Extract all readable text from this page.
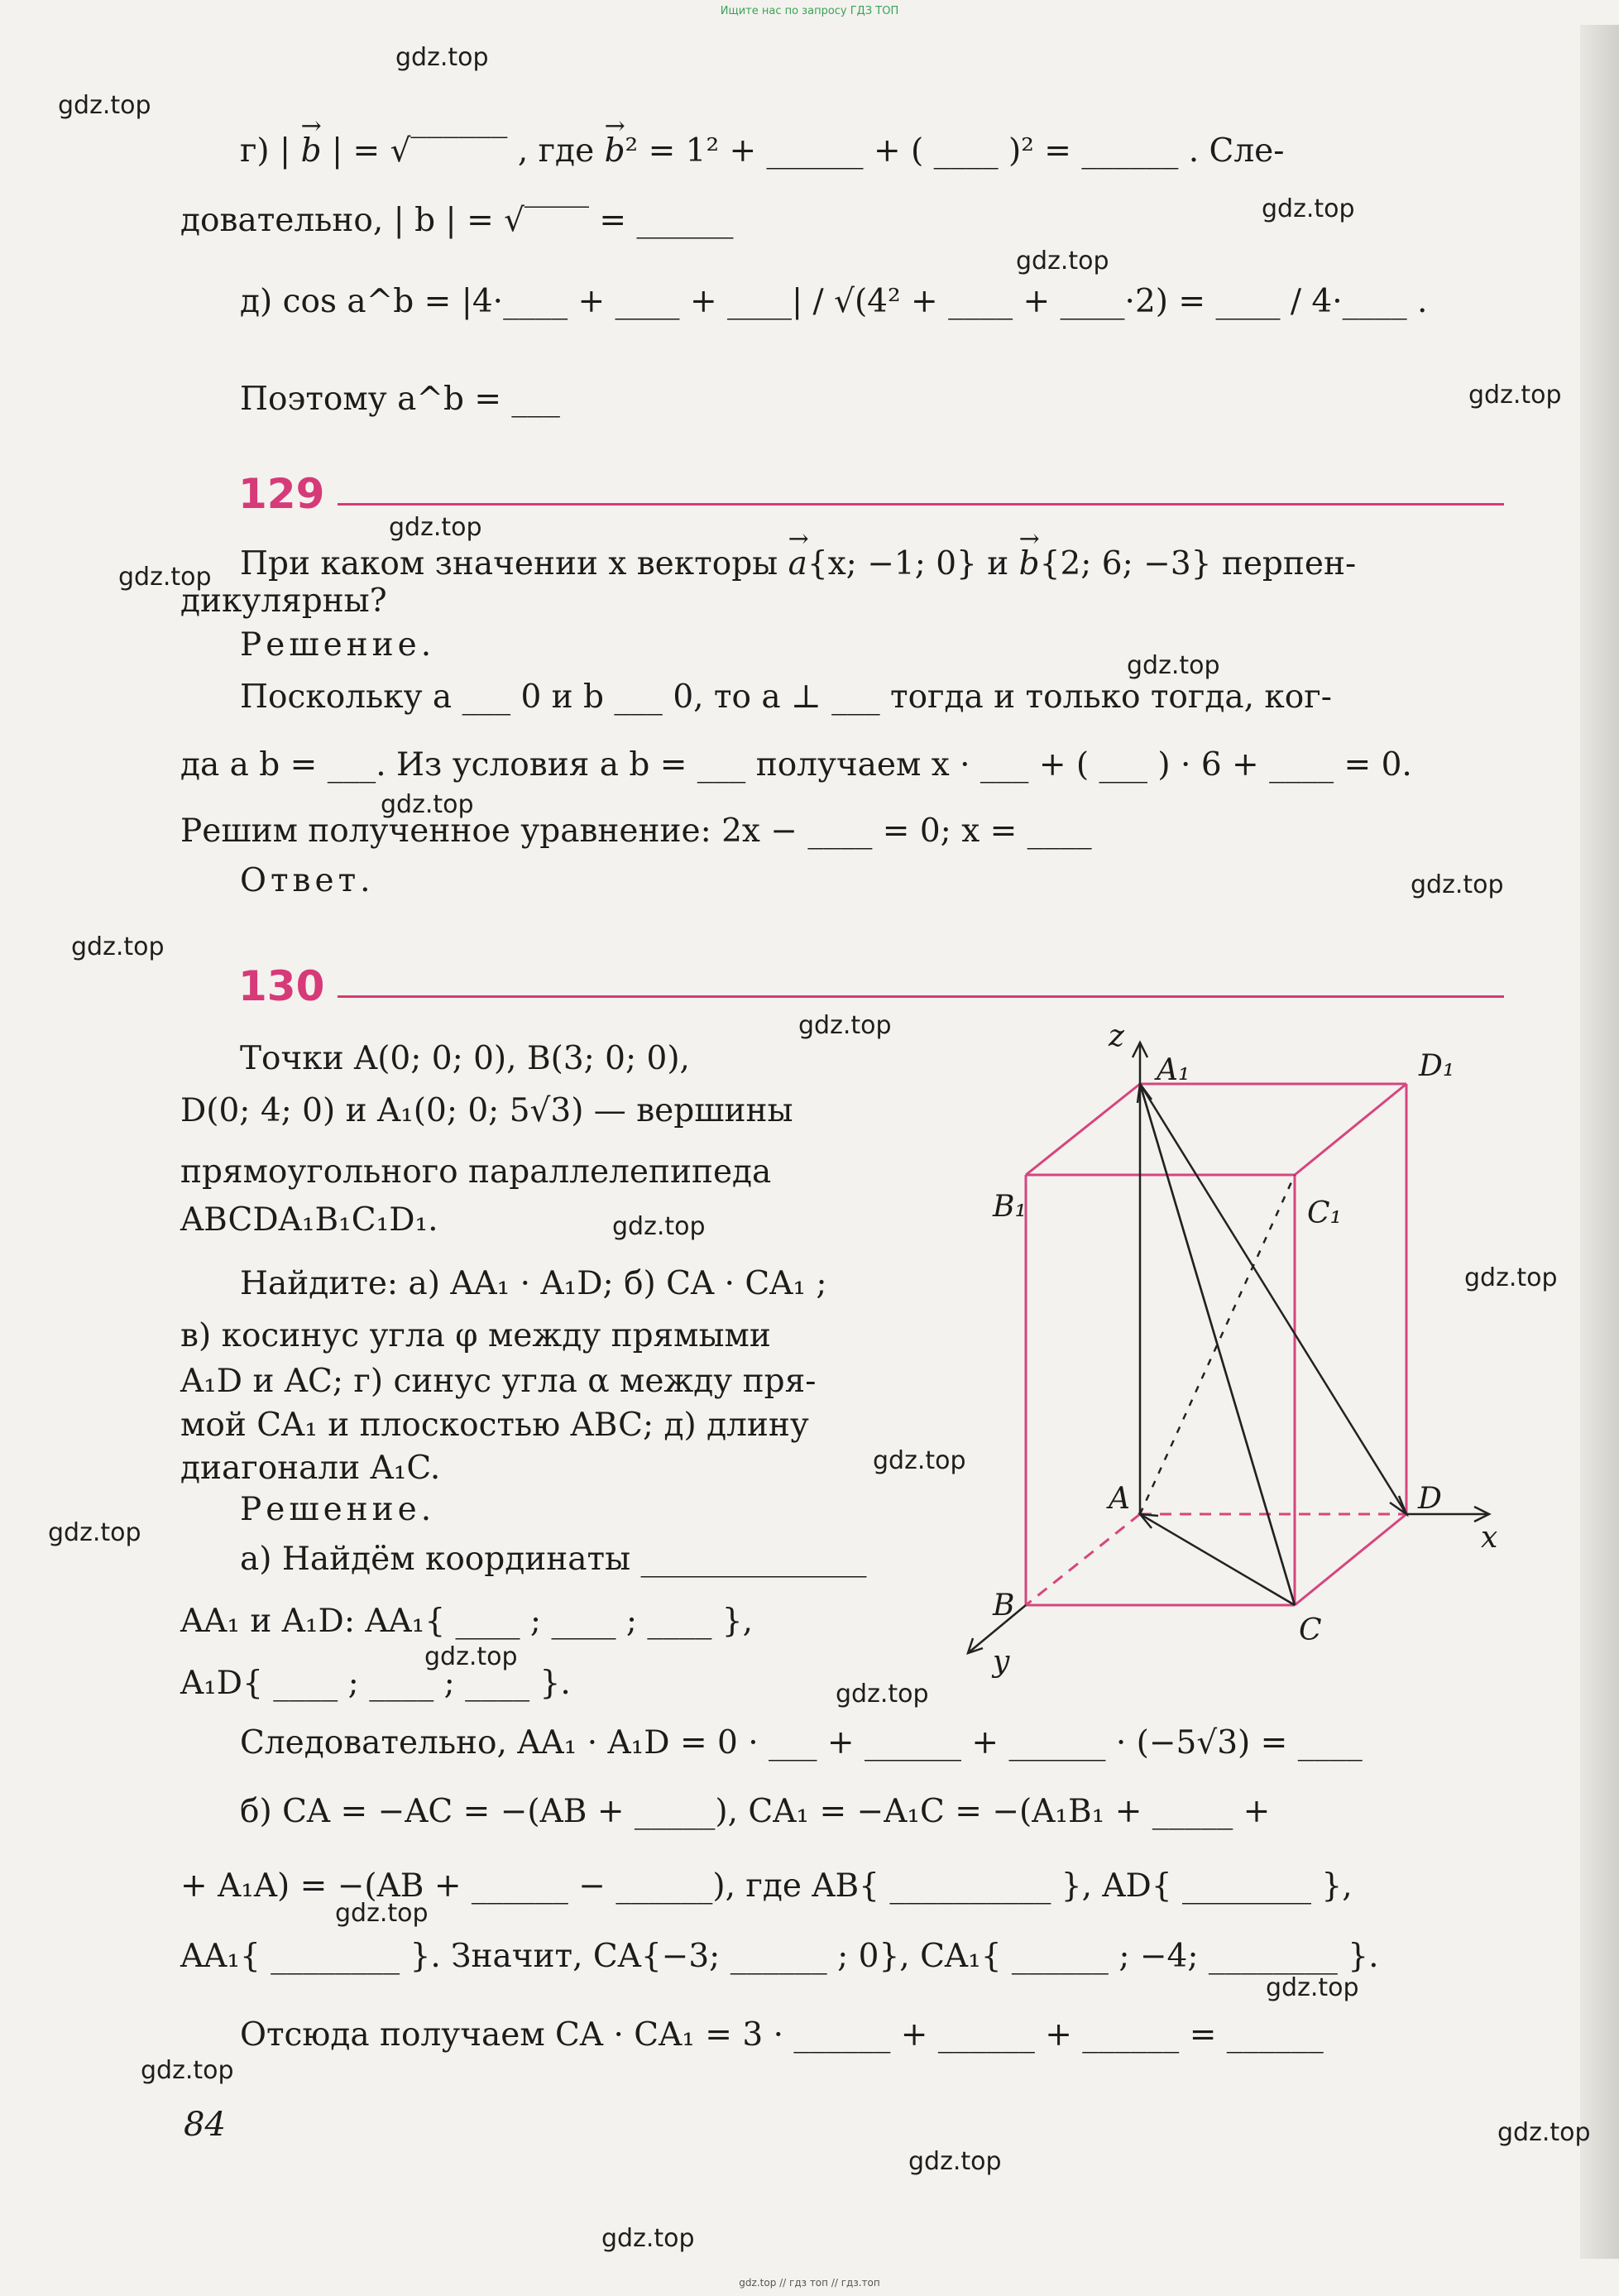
Ищите нас по запросу ГДЗ ТОП
gdz.top
gdz.top
gdz.top
gdz.top
gdz.top
gdz.top
gdz.top
gdz.top
gdz.top
gdz.top
gdz.top
gdz.top
gdz.top
gdz.top
gdz.top
gdz.top
gdz.top
gdz.top
gdz.top
gdz.top
gdz.top
gdz.top
gdz.top
gdz.top
г) | → b | = √‾‾‾‾‾‾ , где → b² = 1² + ______ + ( ____ )² = ______ . Сле-
довательно, | b | = √‾‾‾‾ = ______
д) cos a^b = |4·____ + ____ + ____| / √(4² + ____ + ____·2) = ____ / 4·____ .
Поэтому a^b = ___
129
При каком значении x векторы → a{x; −1; 0} и → b{2; 6; −3} перпен-
дикулярны?
Решение.
Поскольку a ___ 0 и b ___ 0, то a ⊥ ___ тогда и только тогда, ког-
да a b = ___. Из условия a b = ___ получаем x · ___ + ( ___ ) · 6 + ____ = 0.
Решим полученное уравнение: 2x − ____ = 0; x = ____
Ответ.
130
Точки A(0; 0; 0), B(3; 0; 0),
D(0; 4; 0) и A₁(0; 0; 5√3) — вершины
прямоугольного параллелепипеда
ABCDA₁B₁C₁D₁.
Найдите: а) AA₁ · A₁D; б) CA · CA₁ ;
в) косинус угла φ между прямыми
A₁D и AC; г) синус угла α между пря-
мой CA₁ и плоскостью ABC; д) длину
диагонали A₁C.
Решение.
а) Найдём координаты ______________
AA₁ и A₁D: AA₁{ ____ ; ____ ; ____ },
A₁D{ ____ ; ____ ; ____ }.
Следовательно, AA₁ · A₁D = 0 · ___ + ______ + ______ · (−5√3) = ____
б) CA = −AC = −(AB + _____), CA₁ = −A₁C = −(A₁B₁ + _____ +
+ A₁A) = −(AB + ______ − ______), где AB{ __________ }, AD{ ________ },
AA₁{ ________ }. Значит, CA{−3; ______ ; 0}, CA₁{ ______ ; −4; ________ }.
Отсюда получаем CA · CA₁ = 3 · ______ + ______ + ______ = ______
z
A₁	D₁
B₁	C₁
A	D
x
B
C
y
84
gdz.top // гдз топ // гдз.топ
